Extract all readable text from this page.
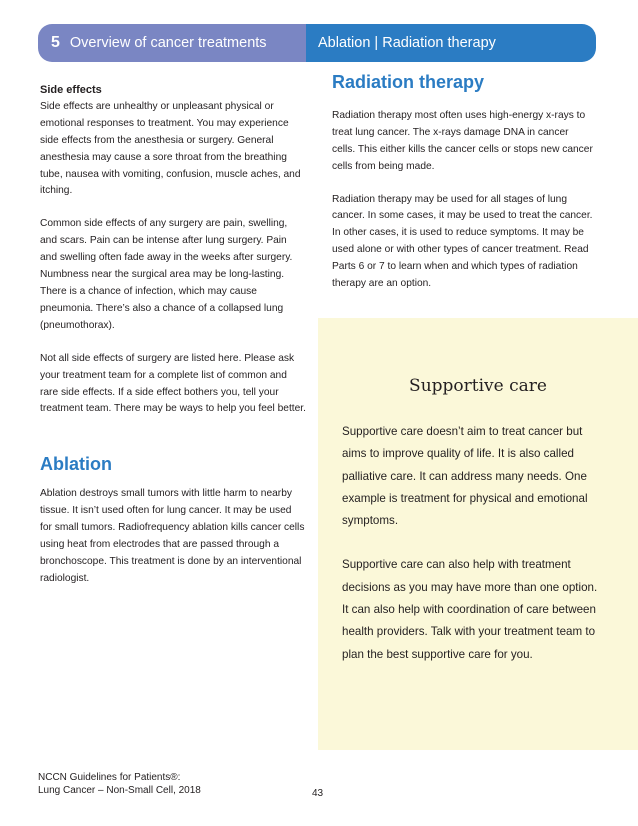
5 Overview of cancer treatments	Ablation | Radiation therapy

Side effects

Side effects are unhealthy or unpleasant physical or emotional responses to treatment. You may experience side effects from the anesthesia or surgery. General anesthesia may cause a sore throat from the breathing tube, nausea with vomiting, confusion, muscle aches, and itching.

Common side effects of any surgery are pain, swelling, and scars. Pain can be intense after lung surgery. Pain and swelling often fade away in the weeks after surgery. Numbness near the surgical area may be long-lasting. There is a chance of infection, which may cause pneumonia. There’s also a chance of a collapsed lung (pneumothorax).

Not all side effects of surgery are listed here. Please ask your treatment team for a complete list of common and rare side effects. If a side effect bothers you, tell your treatment team. There may be ways to help you feel better.

Ablation

Ablation destroys small tumors with little harm to nearby tissue. It isn’t used often for lung cancer. It may be used for small tumors. Radiofrequency ablation kills cancer cells using heat from electrodes that are passed through a bronchoscope. This treatment is done by an interventional radiologist.

Radiation therapy

Radiation therapy most often uses high-energy x-rays to treat lung cancer. The x-rays damage DNA in cancer cells. This either kills the cancer cells or stops new cancer cells from being made.

Radiation therapy may be used for all stages of lung cancer. In some cases, it may be used to treat the cancer. In other cases, it is used to reduce symptoms. It may be used alone or with other types of cancer treatment. Read Parts 6 or 7 to learn when and which types of radiation therapy are an option.

Supportive care

Supportive care doesn’t aim to treat cancer but aims to improve quality of life. It is also called palliative care. It can address many needs. One example is treatment for physical and emotional symptoms.

Supportive care can also help with treatment decisions as you may have more than one option. It can also help with coordination of care between health providers. Talk with your treatment team to plan the best supportive care for you.

NCCN Guidelines for Patients®:
Lung Cancer – Non-Small Cell, 2018	43
